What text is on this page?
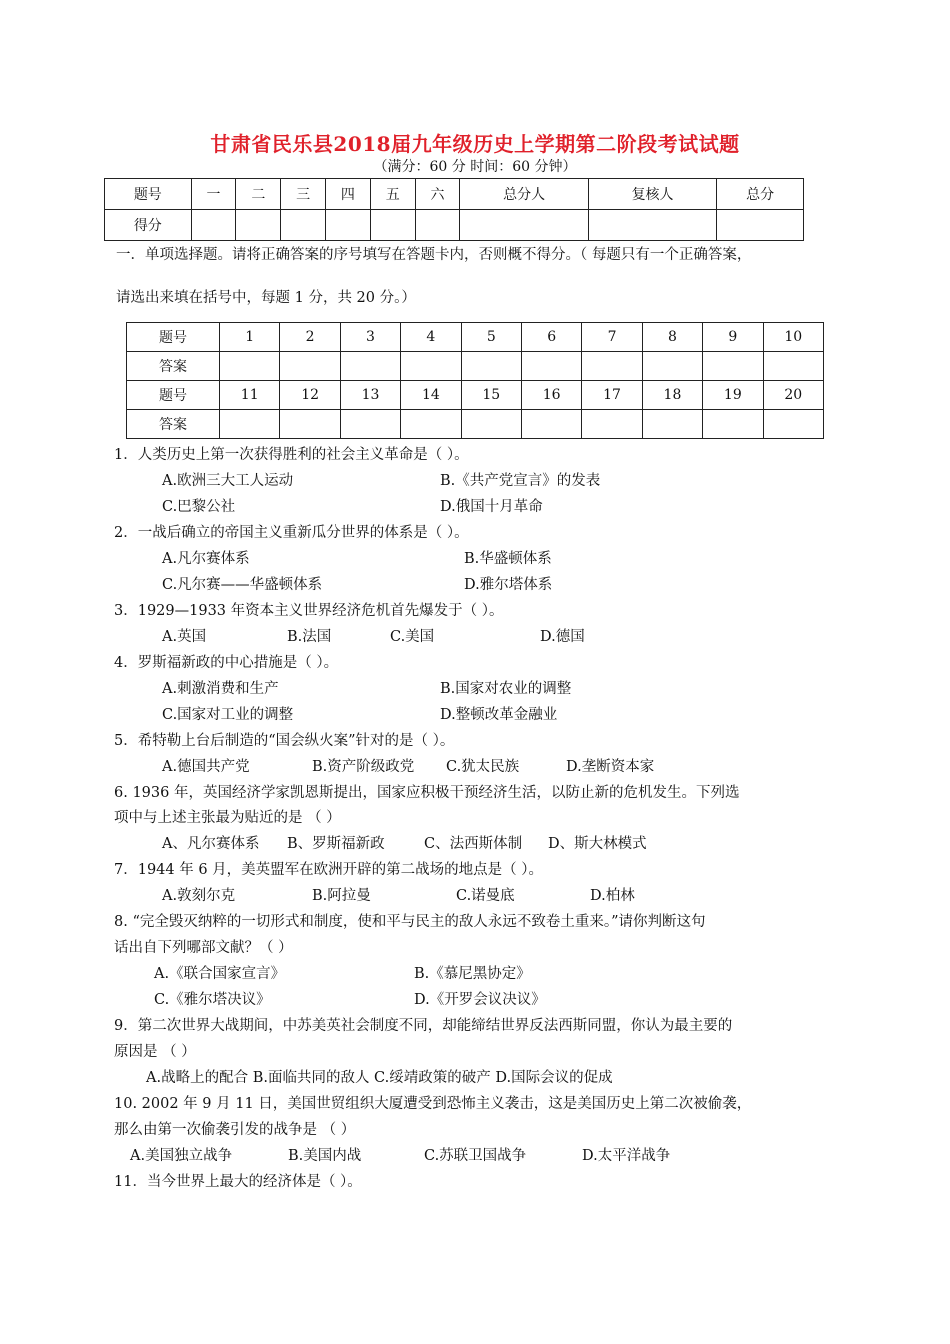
甘肃省民乐县2018届九年级历史上学期第二阶段考试试题
（满分：60 分 时间：60 分钟）
题号	一	二	三	四	五	六	总分人	复核人	总分
得分									
一．单项选择题。请将正确答案的序号填写在答题卡内，否则概不得分。（ 每题只有一个正确答案，
请选出来填在括号中，每题 1 分，共 20 分。）
题号	1	2	3	4	5	6	7	8	9	10
答案										
题号	11	12	13	14	15	16	17	18	19	20
答案										
1．人类历史上第一次获得胜利的社会主义革命是（ ）。
A.欧洲三大工人运动	B.《共产党宣言》的发表
C.巴黎公社	D.俄国十月革命
2．一战后确立的帝国主义重新瓜分世界的体系是（ ）。
A.凡尔赛体系	B.华盛顿体系
C.凡尔赛——华盛顿体系	D.雅尔塔体系
3．1929—1933 年资本主义世界经济危机首先爆发于（ ）。
A.英国	B.法国	C.美国	D.德国
4．罗斯福新政的中心措施是（ ）。
A.刺激消费和生产	B.国家对农业的调整
C.国家对工业的调整	D.整顿改革金融业
5．希特勒上台后制造的“国会纵火案”针对的是（ ）。
A.德国共产党	B.资产阶级政党 C.犹太民族	D.垄断资本家
6. 1936 年，英国经济学家凯恩斯提出，国家应积极干预经济生活，以防止新的危机发生。下列选
项中与上述主张最为贴近的是 （ ）
A、凡尔赛体系 B、罗斯福新政	C、法西斯体制 D、斯大林模式
7．1944 年 6 月，美英盟军在欧洲开辟的第二战场的地点是（ ）。
A.敦刻尔克	B.阿拉曼	C.诺曼底	D.柏林
8. “完全毁灭纳粹的一切形式和制度，使和平与民主的敌人永远不致卷土重来。”请你判断这句
话出自下列哪部文献？（ ）
A.《联合国家宣言》	B.《慕尼黑协定》
C.《雅尔塔决议》	D.《开罗会议决议》
9．第二次世界大战期间，中苏美英社会制度不同，却能缔结世界反法西斯同盟，你认为最主要的
原因是 （ ）
A.战略上的配合 B.面临共同的敌人 C.绥靖政策的破产 D.国际会议的促成
10. 2002 年 9 月 11 日，美国世贸组织大厦遭受到恐怖主义袭击，这是美国历史上第二次被偷袭，
那么由第一次偷袭引发的战争是 （ ）
A.美国独立战争	B.美国内战	C.苏联卫国战争	D.太平洋战争
11．当今世界上最大的经济体是（ ）。
